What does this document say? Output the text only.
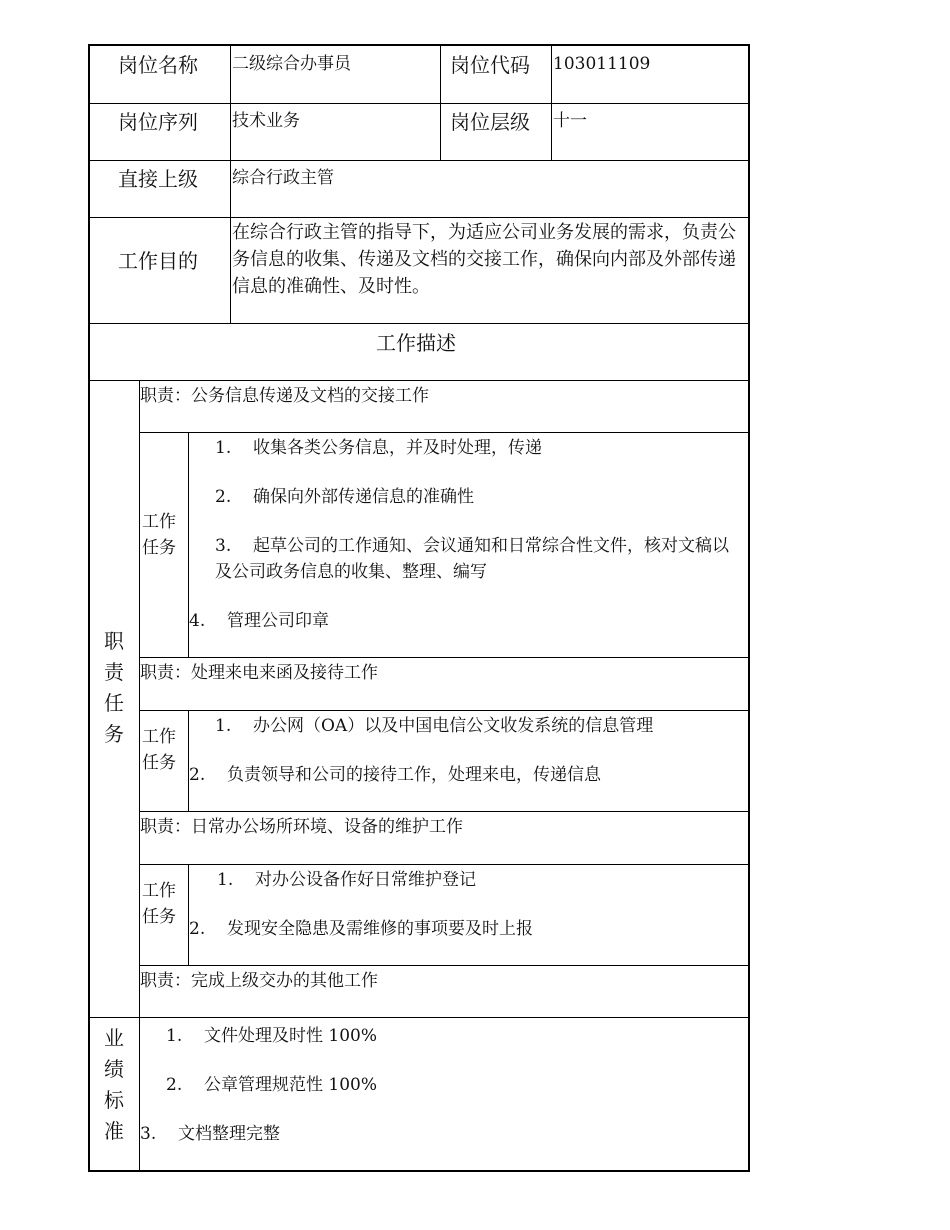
岗位名称 二级综合办事员	岗位代码 103011109
岗位序列 技术业务	岗位层级 十一
直接上级 综合行政主管
工作目的
在综合行政主管的指导下，为适应公司业务发展的需求，负责公务信息的收集、传递及文档的交接工作，确保向内部及外部传递信息的准确性、及时性。
工作描述
职
责
任
务
职责：公务信息传递及文档的交接工作
工作
任务
1. 收集各类公务信息，并及时处理，传递
2. 确保向外部传递信息的准确性
3. 起草公司的工作通知、会议通知和日常综合性文件，核对文稿以及公司政务信息的收集、整理、编写
4. 管理公司印章
职责：处理来电来函及接待工作
工作
任务
1. 办公网（OA）以及中国电信公文收发系统的信息管理
2. 负责领导和公司的接待工作，处理来电，传递信息
职责：日常办公场所环境、设备的维护工作
工作
任务
1. 对办公设备作好日常维护登记
2. 发现安全隐患及需维修的事项要及时上报
职责：完成上级交办的其他工作
业
绩
标
准
1. 文件处理及时性 100%
2. 公章管理规范性 100%
3. 文档整理完整
